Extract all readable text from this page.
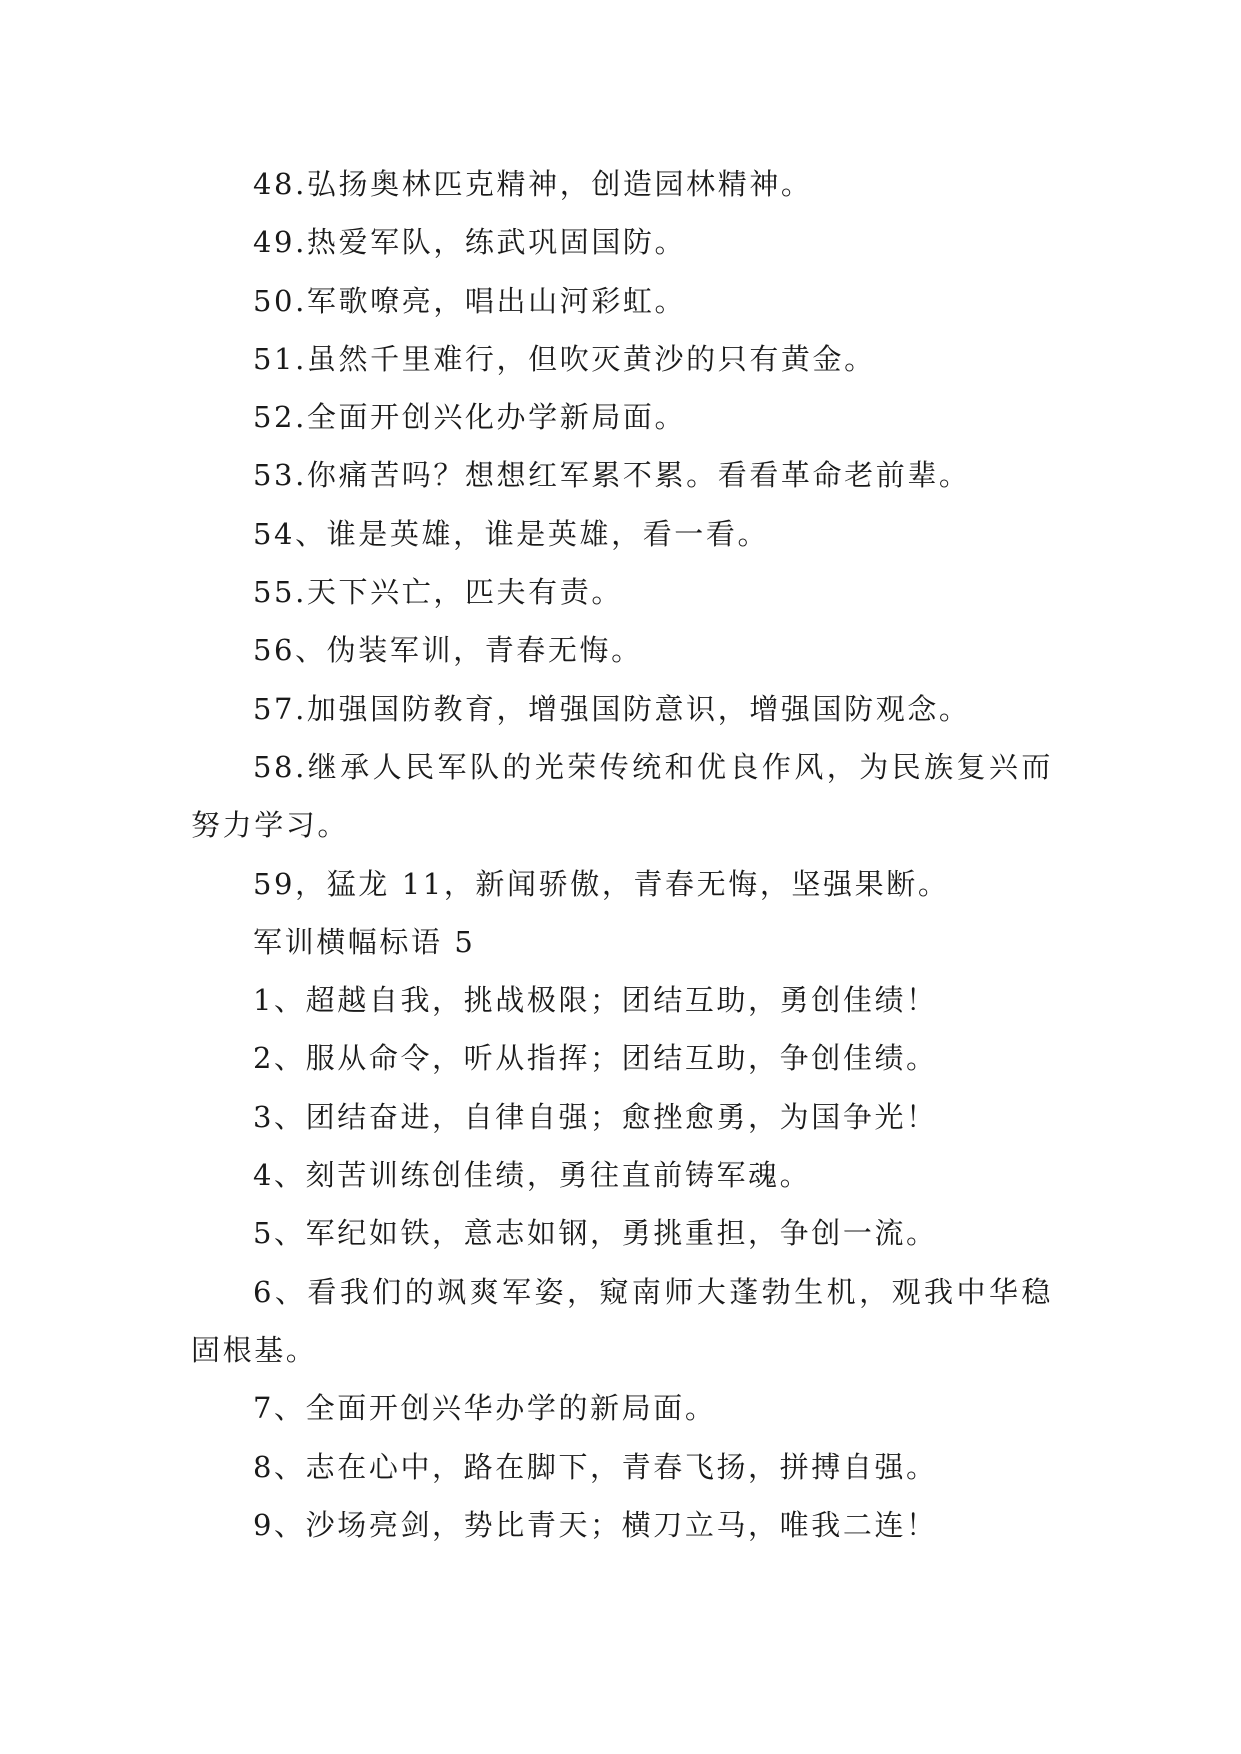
48.弘扬奥林匹克精神，创造园林精神。

49.热爱军队，练武巩固国防。

50.军歌嘹亮，唱出山河彩虹。

51.虽然千里难行，但吹灭黄沙的只有黄金。

52.全面开创兴化办学新局面。

53.你痛苦吗？想想红军累不累。看看革命老前辈。

54、谁是英雄，谁是英雄，看一看。

55.天下兴亡，匹夫有责。

56、伪装军训，青春无悔。

57.加强国防教育，增强国防意识，增强国防观念。

58.继承人民军队的光荣传统和优良作风，为民族复兴而努力学习。

59，猛龙 11，新闻骄傲，青春无悔，坚强果断。

军训横幅标语 5

1、超越自我，挑战极限；团结互助，勇创佳绩！

2、服从命令，听从指挥；团结互助，争创佳绩。

3、团结奋进，自律自强；愈挫愈勇，为国争光！

4、刻苦训练创佳绩，勇往直前铸军魂。

5、军纪如铁，意志如钢，勇挑重担，争创一流。

6、看我们的飒爽军姿，窥南师大蓬勃生机，观我中华稳固根基。

7、全面开创兴华办学的新局面。

8、志在心中，路在脚下，青春飞扬，拼搏自强。

9、沙场亮剑，势比青天；横刀立马，唯我二连！
